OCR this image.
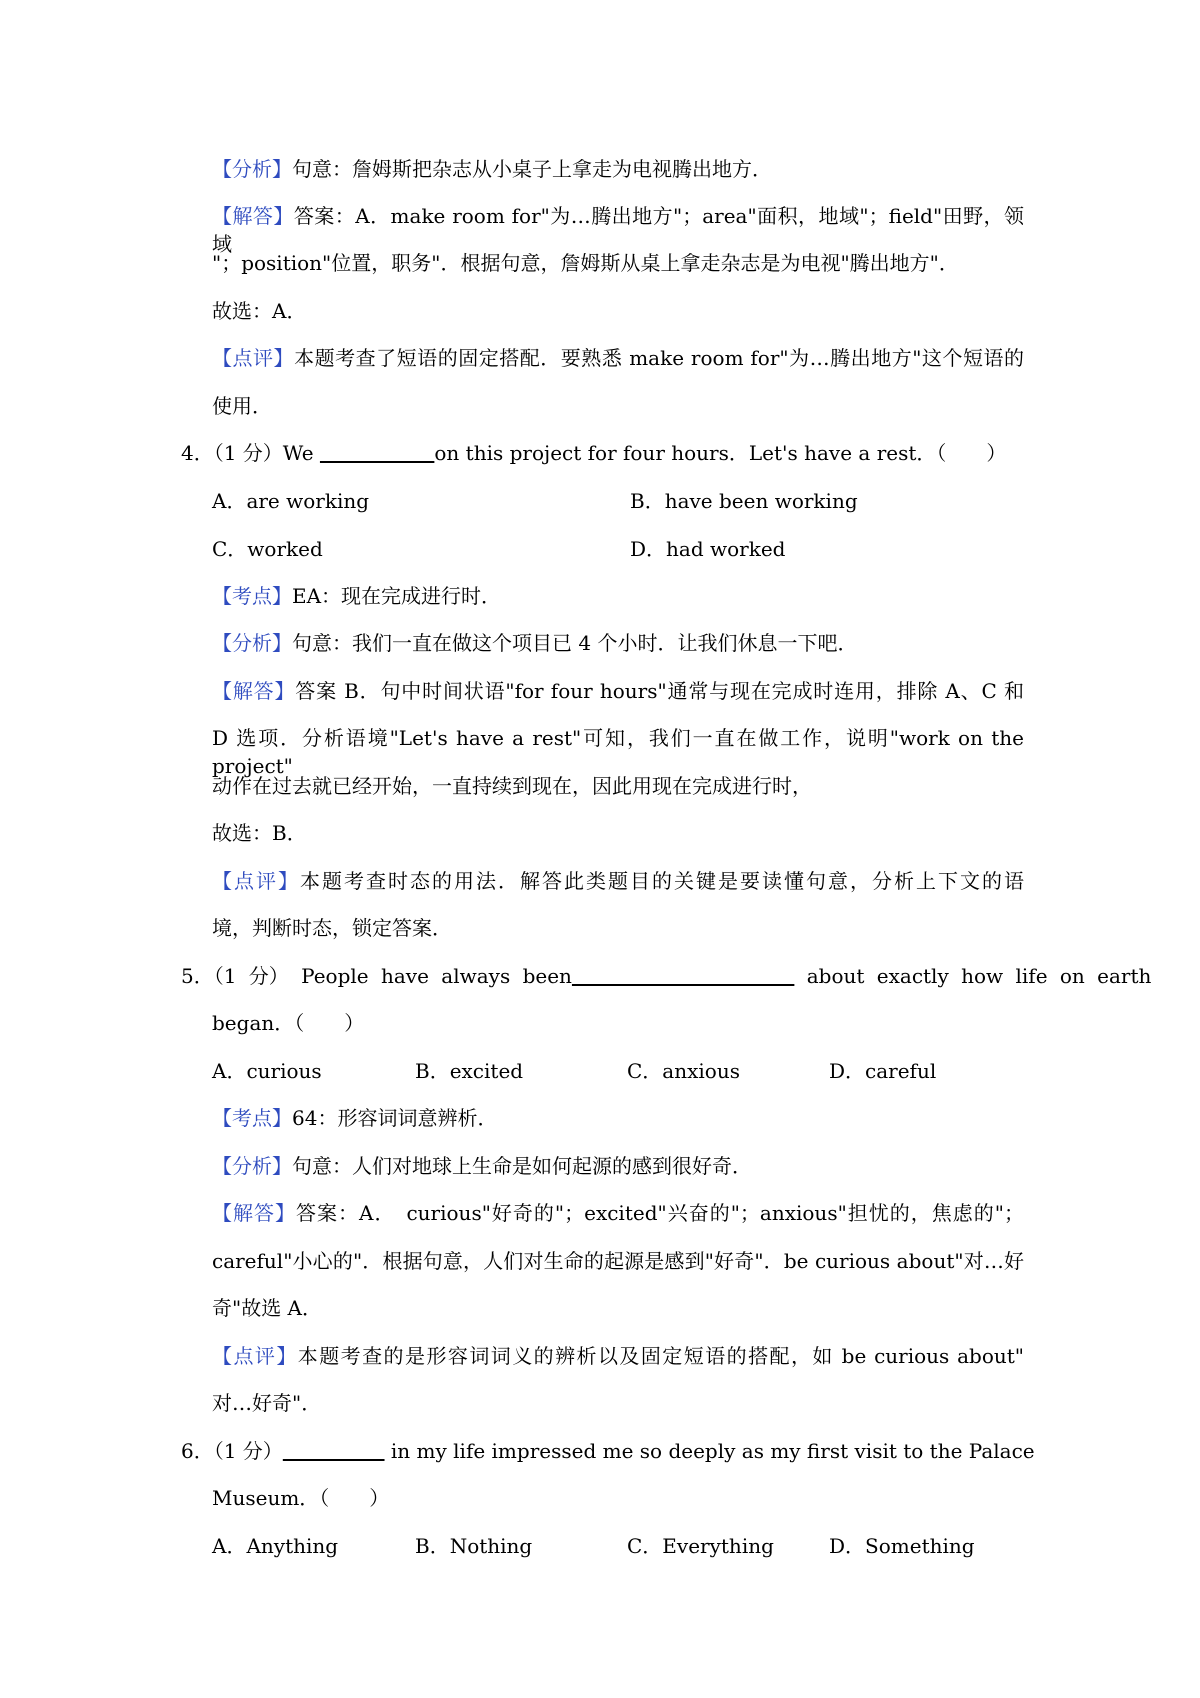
【分析】句意：詹姆斯把杂志从小桌子上拿走为电视腾出地方．
【解答】答案：A．make room for"为…腾出地方"；area"面积，地域"；field"田野，领域
"；position"位置，职务"．根据句意，詹姆斯从桌上拿走杂志是为电视"腾出地方"．
故选：A．
【点评】本题考查了短语的固定搭配．要熟悉 make room for"为…腾出地方"这个短语的
使用．
4．（1 分）We	on this project for four hours．Let's have a rest．（　　）
A．are working	B．have been working
C．worked	D．had worked
【考点】EA：现在完成进行时．
【分析】句意：我们一直在做这个项目已 4 个小时．让我们休息一下吧．
【解答】答案 B．句中时间状语"for four hours"通常与现在完成时连用，排除 A、C 和
D 选项．分析语境"Let's have a rest"可知，我们一直在做工作，说明"work on the project"
动作在过去就已经开始，一直持续到现在，因此用现在完成进行时，
故选：B．
【点评】本题考查时态的用法．解答此类题目的关键是要读懂句意，分析上下文的语
境，判断时态，锁定答案．
5．（1 分） People have always been	about exactly how life on earth
began．（　　）
A．curious	B．excited	C．anxious	D．careful
【考点】64：形容词词意辨析．
【分析】句意：人们对地球上生命是如何起源的感到很好奇．
【解答】答案：A．　curious"好奇的"；excited"兴奋的"；anxious"担忧的，焦虑的"；
careful"小心的"．根据句意，人们对生命的起源是感到"好奇"．be curious about"对…好
奇"故选 A．
【点评】本题考查的是形容词词义的辨析以及固定短语的搭配，如 be curious about"
对…好奇"．
6．（1 分）	in my life impressed me so deeply as my first visit to the Palace
Museum．（　　）
A．Anything	B．Nothing	C．Everything	D．Something
